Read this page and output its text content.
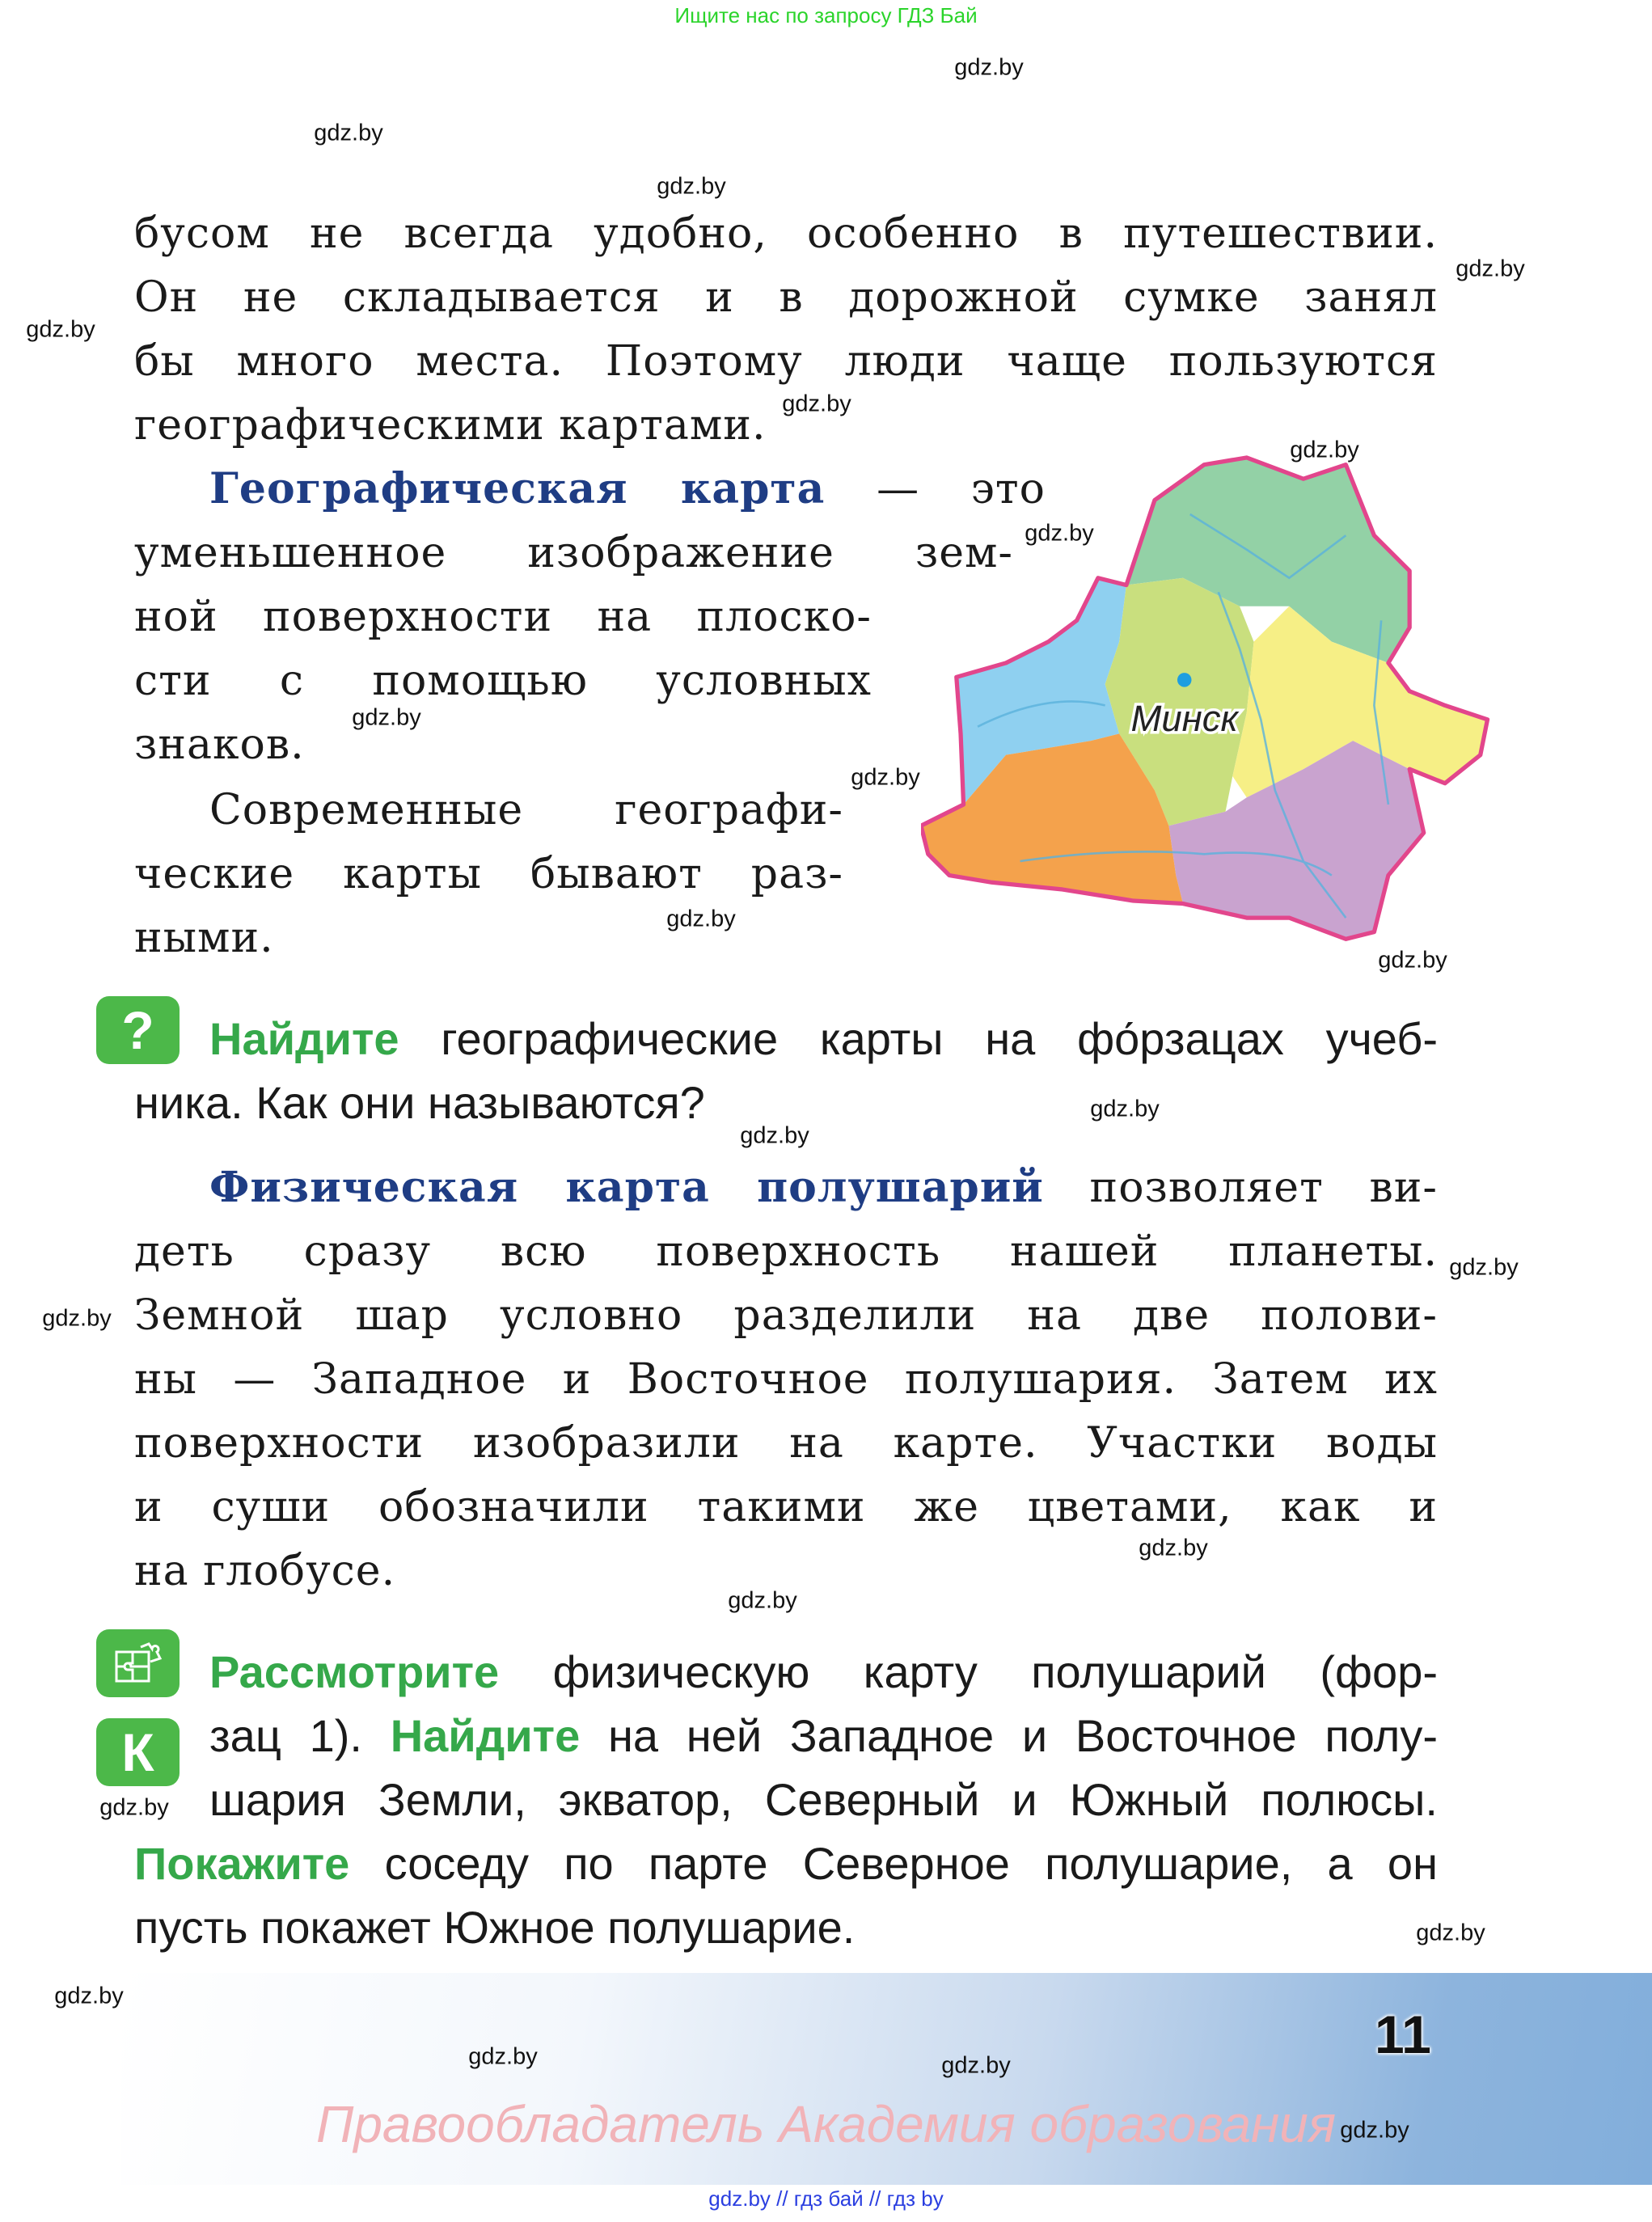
Ищите нас по запросу ГДЗ Бай
бусом не всегда удобно, особенно в путешествии.
Он не складывается и в дорожной сумке занял
бы много места. Поэтому люди чаще пользуются
географическими картами.
Географическая карта — это
уменьшенное изображение зем-
ной поверхности на плоско-
сти с помощью условных
знаков.
Современные географи-
ческие карты бывают раз-
ными.
Найдите географические карты на фо́рзацах учеб-
ника. Как они называются?
Физическая карта полушарий позволяет ви-
деть сразу всю поверхность нашей планеты.
Земной шар условно разделили на две полови-
ны — Западное и Восточное полушария. Затем их
поверхности изобразили на карте. Участки воды
и суши обозначили такими же цветами, как и
на глобусе.
Рассмотрите физическую карту полушарий (фор-
зац 1). Найдите на ней Западное и Восточное полу-
шария Земли, экватор, Северный и Южный полюсы.
Покажите соседу по парте Северное полушарие, а он
пусть покажет Южное полушарие.
?
К
Минск
11
Правообладатель Академия образования
gdz.by // гдз бай // гдз by
gdz.by
gdz.by
gdz.by
gdz.by
gdz.by
gdz.by
gdz.by
gdz.by
gdz.by
gdz.by
gdz.by
gdz.by
gdz.by
gdz.by
gdz.by
gdz.by
gdz.by
gdz.by
gdz.by
gdz.by
gdz.by
gdz.by	gdz.by
gdz.by
